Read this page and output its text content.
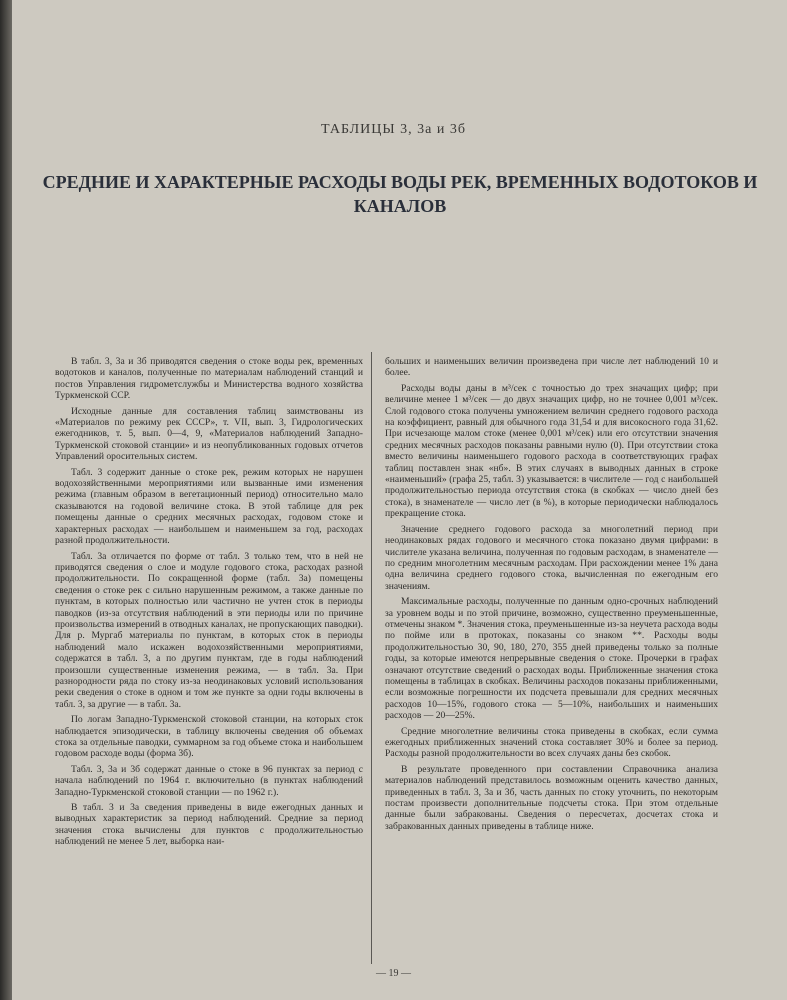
ТАБЛИЦЫ 3, 3а и 3б
СРЕДНИЕ И ХАРАКТЕРНЫЕ РАСХОДЫ ВОДЫ РЕК, ВРЕМЕННЫХ ВОДОТОКОВ И КАНАЛОВ

В табл. 3, 3а и 3б приводятся сведения о стоке воды рек, временных водотоков и каналов, полученные по материалам наблюдений станций и постов Управления гидрометслужбы и Министерства водного хозяйства Туркменской ССР.

Исходные данные для составления таблиц заимствованы из «Материалов по режиму рек СССР», т. VII, вып. 3, Гидрологических ежегодников, т. 5, вып. 0—4, 9, «Материалов наблюдений Западно-Туркменской стоковой станции» и из неопубликованных годовых отчетов Управлений оросительных систем.

Табл. 3 содержит данные о стоке рек, режим которых не нарушен водохозяйственными мероприятиями или вызванные ими изменения режима (главным образом в вегетационный период) относительно мало сказываются на годовой величине стока. В этой таблице для рек помещены данные о средних месячных расходах, годовом стоке и характерных расходах — наибольшем и наименьшем за год, расходах разной продолжительности.

Табл. 3а отличается по форме от табл. 3 только тем, что в ней не приводятся сведения о слое и модуле годового стока, расходах разной продолжительности. По сокращенной форме (табл. 3а) помещены сведения о стоке рек с сильно нарушенным режимом, а также данные по пунктам, в которых полностью или частично не учтен сток в периоды паводков (из-за отсутствия наблюдений в эти периоды или по причине произвольства измерений в отводных каналах, не пропускающих паводки). Для р. Мургаб материалы по пунктам, в которых сток в периоды наблюдений мало искажен водохозяйственными мероприятиями, содержатся в табл. 3, а по другим пунктам, где в годы наблюдений произошли существенные изменения режима, — в табл. 3а. При разнородности ряда по стоку из-за неодинаковых условий использования реки сведения о стоке в одном и том же пункте за одни годы включены в табл. 3, за другие — в табл. 3а.

По логам Западно-Туркменской стоковой станции, на которых сток наблюдается эпизодически, в таблицу включены сведения об объемах стока за отдельные паводки, суммарном за год объеме стока и наибольшем годовом расходе воды (форма 3б).

Табл. 3, 3а и 3б содержат данные о стоке в 96 пунктах за период с начала наблюдений по 1964 г. включительно (в пунктах наблюдений Западно-Туркменской стоковой станции — по 1962 г.).

В табл. 3 и 3а сведения приведены в виде ежегодных данных и выводных характеристик за период наблюдений. Средние за период значения стока вычислены для пунктов с продолжительностью наблюдений не менее 5 лет, выборка наи-

больших и наименьших величин произведена при числе лет наблюдений 10 и более.

Расходы воды даны в м³/сек с точностью до трех значащих цифр; при величине менее 1 м³/сек — до двух значащих цифр, но не точнее 0,001 м³/сек. Слой годового стока получены умножением величин среднего годового расхода на коэффициент, равный для обычного года 31,54 и для високосного года 31,62. При исчезающе малом стоке (менее 0,001 м³/сек) или его отсутствии значения средних месячных расходов показаны равными нулю (0). При отсутствии стока вместо величины наименьшего годового расхода в соответствующих графах таблиц поставлен знак «нб». В этих случаях в выводных данных в строке «наименьший» (графа 25, табл. 3) указывается: в числителе — год с наибольшей продолжительностью периода отсутствия стока (в скобках — число дней без стока), в знаменателе — число лет (в %), в которые периодически наблюдалось прекращение стока.

Значение среднего годового расхода за многолетний период при неодинаковых рядах годового и месячного стока показано двумя цифрами: в числителе указана величина, полученная по годовым расходам, в знаменателе — по средним многолетним месячным расходам. При расхождении менее 1% дана одна величина среднего годового стока, вычисленная по ежегодным его значениям.

Максимальные расходы, полученные по данным одно-срочных наблюдений за уровнем воды и по этой причине, возможно, существенно преуменьшенные, отмечены знаком *. Значения стока, преуменьшенные из-за неучета расхода воды по пойме или в протоках, показаны со знаком **. Расходы воды продолжительностью 30, 90, 180, 270, 355 дней приведены только за полные годы, за которые имеются непрерывные сведения о стоке. Прочерки в графах означают отсутствие сведений о расходах воды. Приближенные значения стока помещены в таблицах в скобках. Величины расходов показаны приближенными, если возможные погрешности их подсчета превышали для средних месячных расходов 10—15%, годового стока — 5—10%, наибольших и наименьших расходов — 20—25%.

Средние многолетние величины стока приведены в скобках, если сумма ежегодных приближенных значений стока составляет 30% и более за период. Расходы разной продолжительности во всех случаях даны без скобок.

В результате проведенного при составлении Справочника анализа материалов наблюдений представилось возможным оценить качество данных, приведенных в табл. 3, 3а и 3б, часть данных по стоку уточнить, по некоторым постам произвести дополнительные подсчеты стока. При этом отдельные данные были забракованы. Сведения о пересчетах, досчетах стока и забракованных данных приведены в таблице ниже.

— 19 —
